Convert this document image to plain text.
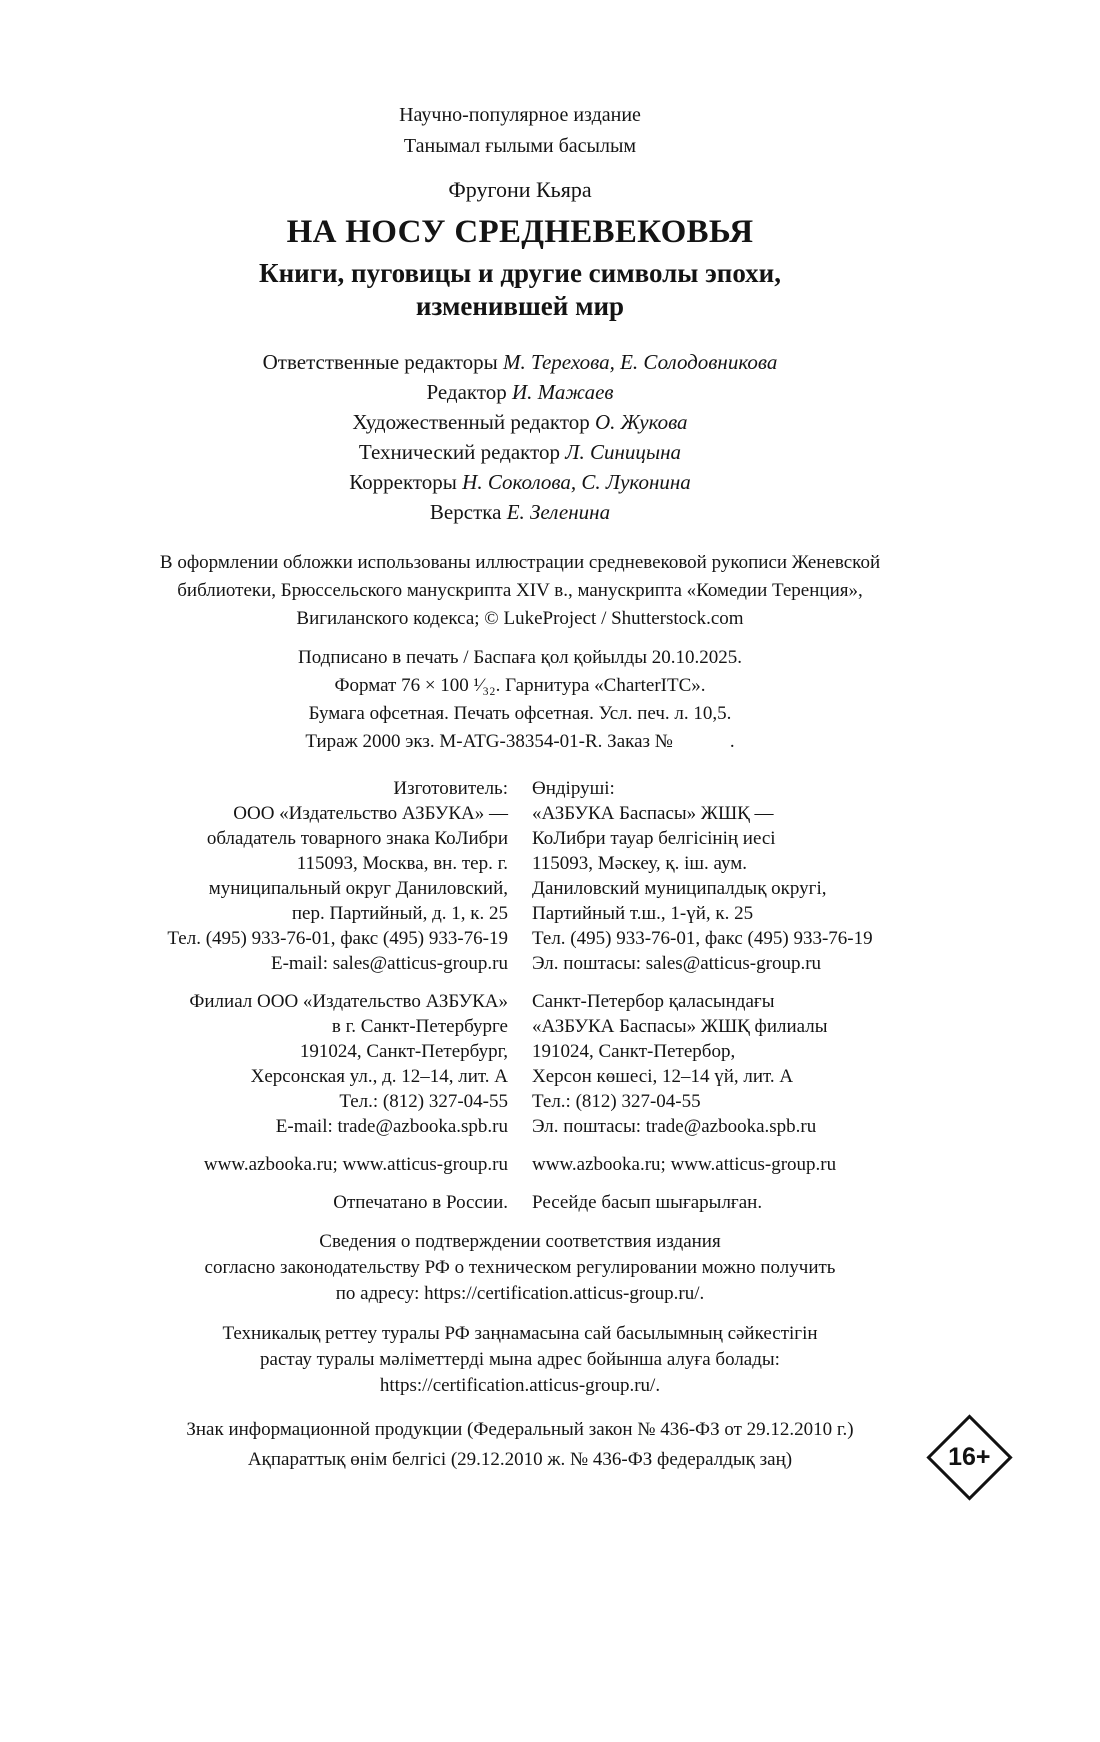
Научно-популярное издание
Танымал ғылыми басылым
Фругони Кьяра
НА НОСУ СРЕДНЕВЕКОВЬЯ
Книги, пуговицы и другие символы эпохи,
изменившей мир
Ответственные редакторы М. Терехова, Е. Солодовникова
Редактор И. Мажаев
Художественный редактор О. Жукова
Технический редактор Л. Синицына
Корректоры Н. Соколова, С. Луконина
Верстка Е. Зеленина
В оформлении обложки использованы иллюстрации средневековой рукописи Женевской
библиотеки, Брюссельского манускрипта XIV в., манускрипта «Комедии Теренция»,
Вигиланского кодекса; © LukeProject / Shutterstock.com
Подписано в печать / Баспаға қол қойылды 20.10.2025.
Формат 76 × 100 ¹⁄₃₂. Гарнитура «CharterITC».
Бумага офсетная. Печать офсетная. Усл. печ. л. 10,5.
Тираж 2000 экз. M-ATG-38354-01-R. Заказ №            .
Изготовитель:
ООО «Издательство АЗБУКА» —
обладатель товарного знака КоЛибри
115093, Москва, вн. тер. г.
муниципальный округ Даниловский,
пер. Партийный, д. 1, к. 25
Тел. (495) 933-76-01, факс (495) 933-76-19
E-mail: sales@atticus-group.ru
Филиал ООО «Издательство АЗБУКА»
в г. Санкт-Петербурге
191024, Санкт-Петербург,
Херсонская ул., д. 12–14, лит. А
Тел.: (812) 327-04-55
E-mail: trade@azbooka.spb.ru
www.azbooka.ru; www.atticus-group.ru
Отпечатано в России.
Өндіруші:
«АЗБУКА Баспасы» ЖШҚ —
КоЛибри тауар белгісінің иесі
115093, Мәскеу, қ. іш. аум.
Даниловский муниципалдық округі,
Партийный т.ш., 1-үй, к. 25
Тел. (495) 933-76-01, факс (495) 933-76-19
Эл. поштасы: sales@atticus-group.ru
Санкт-Петербор қаласындағы
«АЗБУКА Баспасы» ЖШҚ филиалы
191024, Санкт-Петербор,
Херсон көшесі, 12–14 үй, лит. А
Тел.: (812) 327-04-55
Эл. поштасы: trade@azbooka.spb.ru
www.azbooka.ru; www.atticus-group.ru
Ресейде басып шығарылған.
Сведения о подтверждении соответствия издания
согласно законодательству РФ о техническом регулировании можно получить
по адресу: https://certification.atticus-group.ru/.
Техникалық реттеу туралы РФ заңнамасына сай басылымның сәйкестігін
растау туралы мәліметтерді мына адрес бойынша алуға болады:
https://certification.atticus-group.ru/.
Знак информационной продукции (Федеральный закон № 436-ФЗ от 29.12.2010 г.)
Ақпараттық өнім белгісі (29.12.2010 ж. № 436-ФЗ федералдық заң)	16+
